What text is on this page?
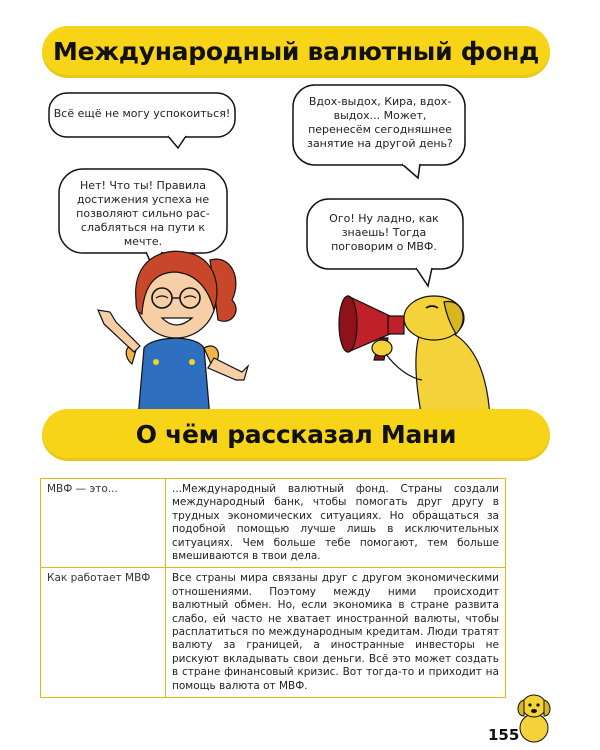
Международный валютный фонд
Всё ещё не могу успокоиться!
Вдох-выдох, Кира, вдох-выдох... Может, перенесём сегодняшнее занятие на другой день?
Нет! Что ты! Правила достижения успеха не позволяют сильно расслабляться на пути к мечте.
Ого! Ну ладно, как знаешь! Тогда поговорим о МВФ.
О чём рассказал Мани
МВФ — это...	...Международный валютный фонд. Страны создали международный банк, чтобы помогать друг другу в трудных экономических ситуациях. Но обращаться за подобной помощью лучше лишь в исключительных ситуациях. Чем больше тебе помогают, тем больше вмешиваются в твои дела.
Как работает МВФ	Все страны мира связаны друг с другом экономическими отношениями. Поэтому между ними происходит валютный обмен. Но, если экономика в стране развита слабо, ей часто не хватает иностранной валюты, чтобы расплатиться по международным кредитам. Люди тратят валюту за границей, а иностранные инвесторы не рискуют вкладывать свои деньги. Всё это может создать в стране финансовый кризис. Вот тогда-то и приходит на помощь валюта от МВФ.
155
